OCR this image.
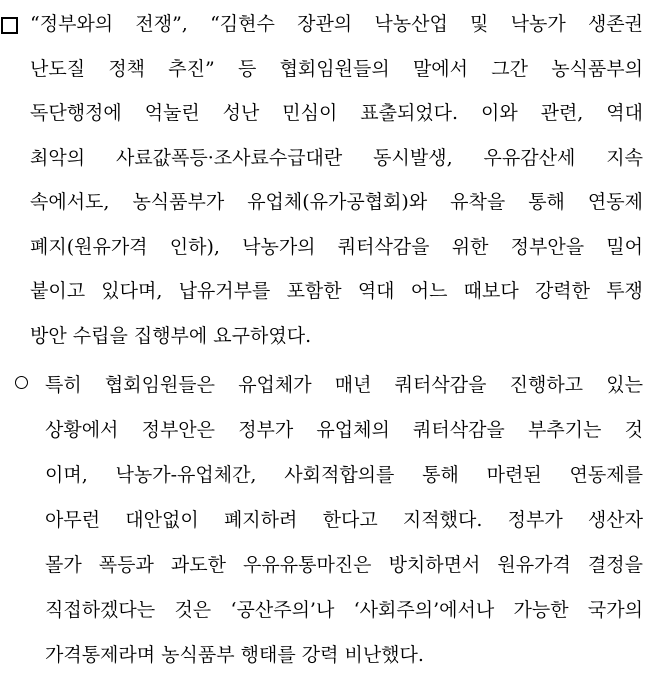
“정부와의 전쟁”, “김현수 장관의 낙농산업 및 낙농가 생존권
난도질 정책 추진” 등 협회임원들의 말에서 그간 농식품부의
독단행정에 억눌린 성난 민심이 표출되었다. 이와 관련, 역대
최악의 사료값폭등·조사료수급대란 동시발생, 우유감산세 지속
속에서도, 농식품부가 유업체(유가공협회)와 유착을 통해 연동제
폐지(원유가격 인하), 낙농가의 쿼터삭감을 위한 정부안을 밀어
붙이고 있다며, 납유거부를 포함한 역대 어느 때보다 강력한 투쟁
방안 수립을 집행부에 요구하였다.
특히 협회임원들은 유업체가 매년 쿼터삭감을 진행하고 있는
상황에서 정부안은 정부가 유업체의 쿼터삭감을 부추기는 것
이며, 낙농가-유업체간, 사회적합의를 통해 마련된 연동제를
아무런 대안없이 폐지하려 한다고 지적했다. 정부가 생산자
몰가 폭등과 과도한 우유유통마진은 방치하면서 원유가격 결정을
직접하겠다는 것은 ‘공산주의’나 ‘사회주의’에서나 가능한 국가의
가격통제라며 농식품부 행태를 강력 비난했다.
